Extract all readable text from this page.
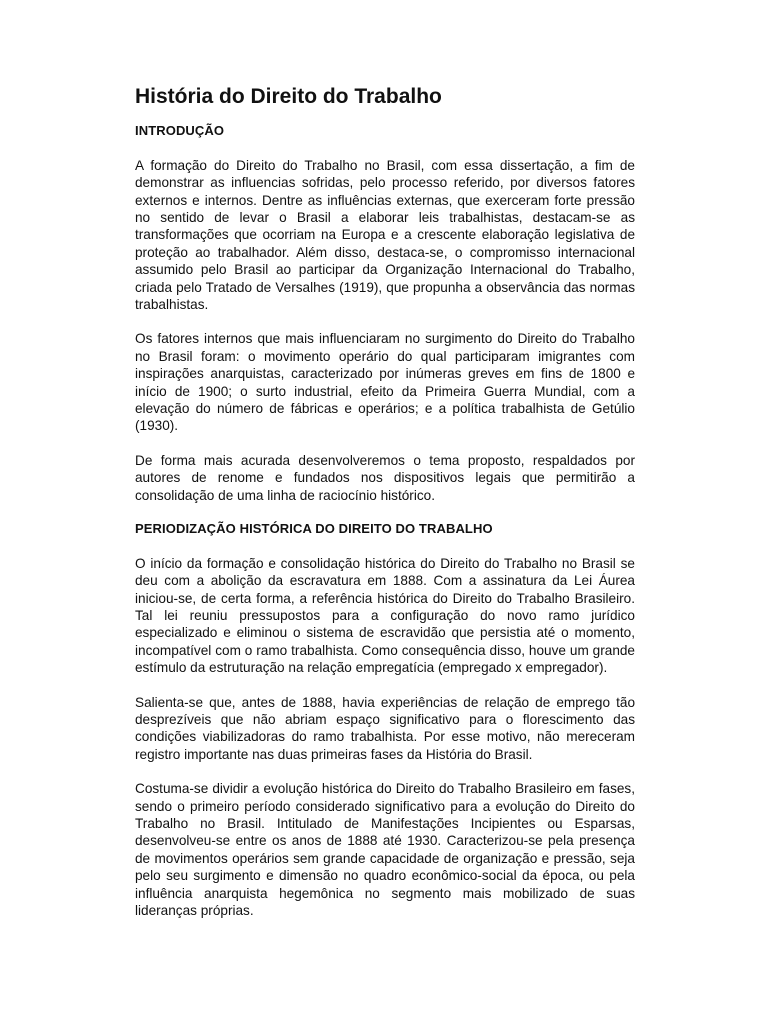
História do Direito do Trabalho
INTRODUÇÃO

A formação do Direito do Trabalho no Brasil, com essa dissertação, a fim de demonstrar as influencias sofridas, pelo processo referido, por diversos fatores externos e internos. Dentre as influências externas, que exerceram forte pressão no sentido de levar o Brasil a elaborar leis trabalhistas, destacam-se as transformações que ocorriam na Europa e a crescente elaboração legislativa de proteção ao trabalhador. Além disso, destaca-se, o compromisso internacional assumido pelo Brasil ao participar da Organização Internacional do Trabalho, criada pelo Tratado de Versalhes (1919), que propunha a observância das normas trabalhistas.

Os fatores internos que mais influenciaram no surgimento do Direito do Trabalho no Brasil foram: o movimento operário do qual participaram imigrantes com inspirações anarquistas, caracterizado por inúmeras greves em fins de 1800 e início de 1900; o surto industrial, efeito da Primeira Guerra Mundial, com a elevação do número de fábricas e operários; e a política trabalhista de Getúlio (1930).

De forma mais acurada desenvolveremos o tema proposto, respaldados por autores de renome e fundados nos dispositivos legais que permitirão a consolidação de uma linha de raciocínio histórico.

PERIODIZAÇÃO HISTÓRICA DO DIREITO DO TRABALHO

O início da formação e consolidação histórica do Direito do Trabalho no Brasil se deu com a abolição da escravatura em 1888. Com a assinatura da Lei Áurea iniciou-se, de certa forma, a referência histórica do Direito do Trabalho Brasileiro. Tal lei reuniu pressupostos para a configuração do novo ramo jurídico especializado e eliminou o sistema de escravidão que persistia até o momento, incompatível com o ramo trabalhista. Como consequência disso, houve um grande estímulo da estruturação na relação empregatícia (empregado x empregador).

Salienta-se que, antes de 1888, havia experiências de relação de emprego tão desprezíveis que não abriam espaço significativo para o florescimento das condições viabilizadoras do ramo trabalhista. Por esse motivo, não mereceram registro importante nas duas primeiras fases da História do Brasil.

Costuma-se dividir a evolução histórica do Direito do Trabalho Brasileiro em fases, sendo o primeiro período considerado significativo para a evolução do Direito do Trabalho no Brasil. Intitulado de Manifestações Incipientes ou Esparsas, desenvolveu-se entre os anos de 1888 até 1930. Caracterizou-se pela presença de movimentos operários sem grande capacidade de organização e pressão, seja pelo seu surgimento e dimensão no quadro econômico-social da época, ou pela influência anarquista hegemônica no segmento mais mobilizado de suas lideranças próprias.
